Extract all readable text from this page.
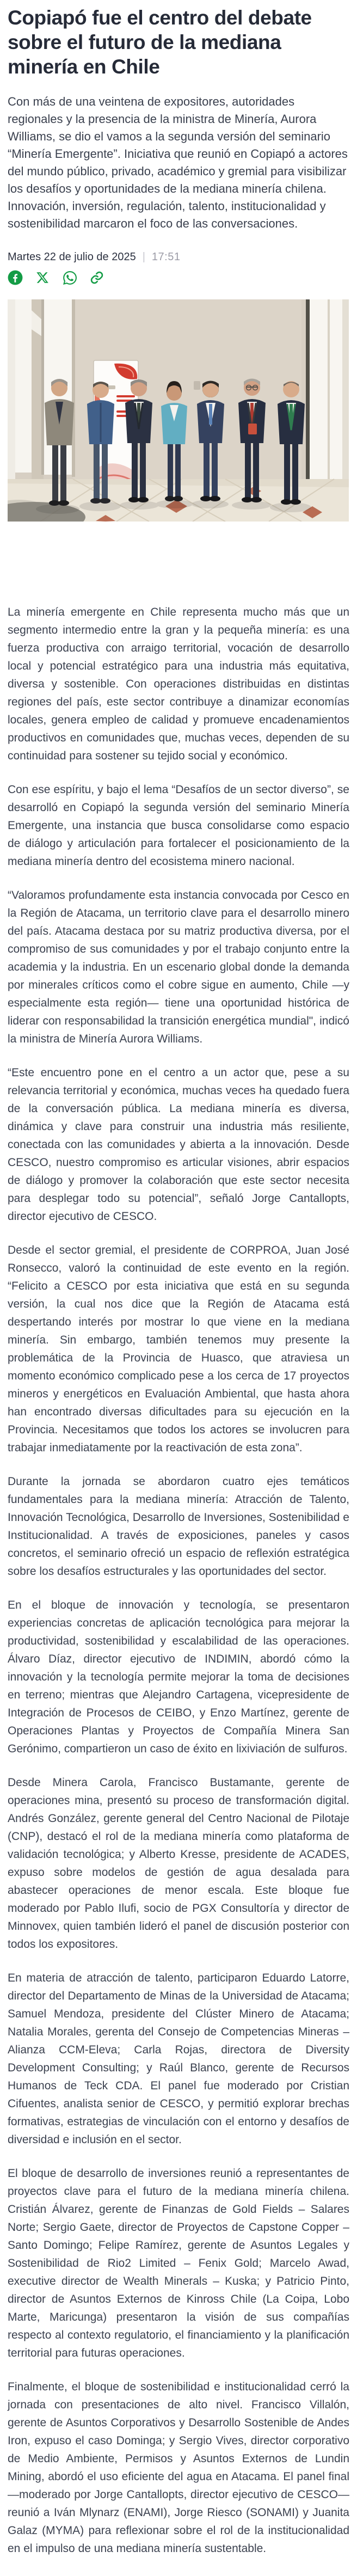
Copiapó fue el centro del debate sobre el futuro de la mediana minería en Chile

Con más de una veintena de expositores, autoridades regionales y la presencia de la ministra de Minería, Aurora Williams, se dio el vamos a la segunda versión del seminario “Minería Emergente”. Iniciativa que reunió en Copiapó a actores del mundo público, privado, académico y gremial para visibilizar los desafíos y oportunidades de la mediana minería chilena. Innovación, inversión, regulación, talento, institucionalidad y sostenibilidad marcaron el foco de las conversaciones.

Martes 22 de julio de 2025 | 17:51

La minería emergente en Chile representa mucho más que un segmento intermedio entre la gran y la pequeña minería: es una fuerza productiva con arraigo territorial, vocación de desarrollo local y potencial estratégico para una industria más equitativa, diversa y sostenible. Con operaciones distribuidas en distintas regiones del país, este sector contribuye a dinamizar economías locales, genera empleo de calidad y promueve encadenamientos productivos en comunidades que, muchas veces, dependen de su continuidad para sostener su tejido social y económico.

Con ese espíritu, y bajo el lema “Desafíos de un sector diverso”, se desarrolló en Copiapó la segunda versión del seminario Minería Emergente, una instancia que busca consolidarse como espacio de diálogo y articulación para fortalecer el posicionamiento de la mediana minería dentro del ecosistema minero nacional.

“Valoramos profundamente esta instancia convocada por Cesco en la Región de Atacama, un territorio clave para el desarrollo minero del país. Atacama destaca por su matriz productiva diversa, por el compromiso de sus comunidades y por el trabajo conjunto entre la academia y la industria. En un escenario global donde la demanda por minerales críticos como el cobre sigue en aumento, Chile —y especialmente esta región— tiene una oportunidad histórica de liderar con responsabilidad la transición energética mundial", indicó la ministra de Minería Aurora Williams.

“Este encuentro pone en el centro a un actor que, pese a su relevancia territorial y económica, muchas veces ha quedado fuera de la conversación pública. La mediana minería es diversa, dinámica y clave para construir una industria más resiliente, conectada con las comunidades y abierta a la innovación. Desde CESCO, nuestro compromiso es articular visiones, abrir espacios de diálogo y promover la colaboración que este sector necesita para desplegar todo su potencial”, señaló Jorge Cantallopts, director ejecutivo de CESCO.

Desde el sector gremial, el presidente de CORPROA, Juan José Ronsecco, valoró la continuidad de este evento en la región. “Felicito a CESCO por esta iniciativa que está en su segunda versión, la cual nos dice que la Región de Atacama está despertando interés por mostrar lo que viene en la mediana minería. Sin embargo, también tenemos muy presente la problemática de la Provincia de Huasco, que atraviesa un momento económico complicado pese a los cerca de 17 proyectos mineros y energéticos en Evaluación Ambiental, que hasta ahora han encontrado diversas dificultades para su ejecución en la Provincia. Necesitamos que todos los actores se involucren para trabajar inmediatamente por la reactivación de esta zona”.

Durante la jornada se abordaron cuatro ejes temáticos fundamentales para la mediana minería: Atracción de Talento, Innovación Tecnológica, Desarrollo de Inversiones, Sostenibilidad e Institucionalidad. A través de exposiciones, paneles y casos concretos, el seminario ofreció un espacio de reflexión estratégica sobre los desafíos estructurales y las oportunidades del sector.

En el bloque de innovación y tecnología, se presentaron experiencias concretas de aplicación tecnológica para mejorar la productividad, sostenibilidad y escalabilidad de las operaciones. Álvaro Díaz, director ejecutivo de INDIMIN, abordó cómo la innovación y la tecnología permite mejorar la toma de decisiones en terreno; mientras que Alejandro Cartagena, vicepresidente de Integración de Procesos de CEIBO, y Enzo Martínez, gerente de Operaciones Plantas y Proyectos de Compañía Minera San Gerónimo, compartieron un caso de éxito en lixiviación de sulfuros.

Desde Minera Carola, Francisco Bustamante, gerente de operaciones mina, presentó su proceso de transformación digital. Andrés González, gerente general del Centro Nacional de Pilotaje (CNP), destacó el rol de la mediana minería como plataforma de validación tecnológica; y Alberto Kresse, presidente de ACADES, expuso sobre modelos de gestión de agua desalada para abastecer operaciones de menor escala. Este bloque fue moderado por Pablo Ilufi, socio de PGX Consultoría y director de Minnovex, quien también lideró el panel de discusión posterior con todos los expositores.

En materia de atracción de talento, participaron Eduardo Latorre, director del Departamento de Minas de la Universidad de Atacama; Samuel Mendoza, presidente del Clúster Minero de Atacama; Natalia Morales, gerenta del Consejo de Competencias Mineras – Alianza CCM-Eleva; Carla Rojas, directora de Diversity Development Consulting; y Raúl Blanco, gerente de Recursos Humanos de Teck CDA. El panel fue moderado por Cristian Cifuentes, analista senior de CESCO, y permitió explorar brechas formativas, estrategias de vinculación con el entorno y desafíos de diversidad e inclusión en el sector.

El bloque de desarrollo de inversiones reunió a representantes de proyectos clave para el futuro de la mediana minería chilena. Cristián Álvarez, gerente de Finanzas de Gold Fields – Salares Norte; Sergio Gaete, director de Proyectos de Capstone Copper – Santo Domingo; Felipe Ramírez, gerente de Asuntos Legales y Sostenibilidad de Rio2 Limited – Fenix Gold; Marcelo Awad, executive director de Wealth Minerals – Kuska; y Patricio Pinto, director de Asuntos Externos de Kinross Chile (La Coipa, Lobo Marte, Maricunga) presentaron la visión de sus compañías respecto al contexto regulatorio, el financiamiento y la planificación territorial para futuras operaciones.

Finalmente, el bloque de sostenibilidad e institucionalidad cerró la jornada con presentaciones de alto nivel. Francisco Villalón, gerente de Asuntos Corporativos y Desarrollo Sostenible de Andes Iron, expuso el caso Dominga; y Sergio Vives, director corporativo de Medio Ambiente, Permisos y Asuntos Externos de Lundin Mining, abordó el uso eficiente del agua en Atacama. El panel final —moderado por Jorge Cantallopts, director ejecutivo de CESCO— reunió a Iván Mlynarz (ENAMI), Jorge Riesco (SONAMI) y Juanita Galaz (MYMA) para reflexionar sobre el rol de la institucionalidad en el impulso de una mediana minería sustentable.
